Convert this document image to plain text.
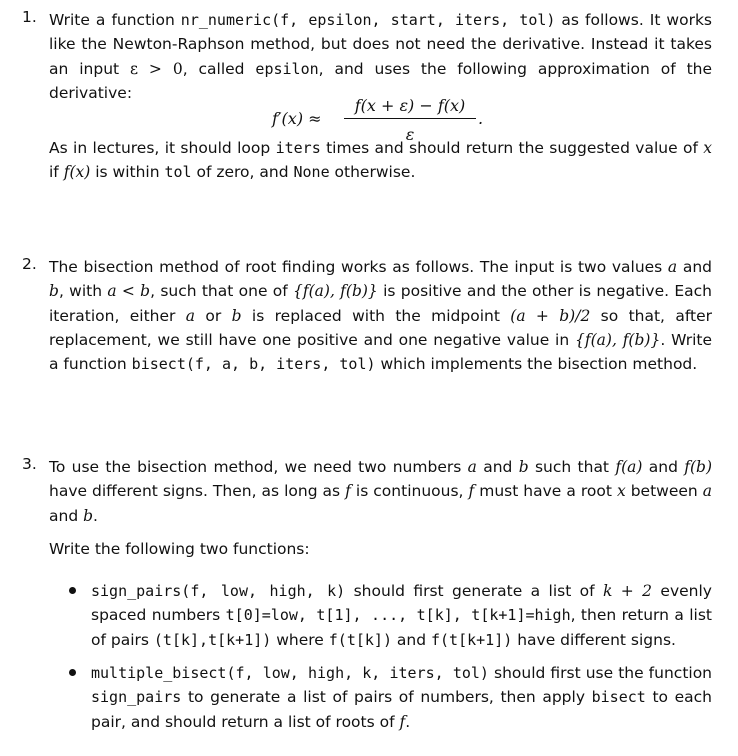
1. Write a function nr_numeric(f, epsilon, start, iters, tol) as follows. It works like the Newton-Raphson method, but does not need the derivative. Instead it takes an input ε > 0, called epsilon, and uses the following approximation of the derivative:

As in lectures, it should loop iters times and should return the suggested value of x if f(x) is within tol of zero, and None otherwise.

$f'(x) \approx \frac{f(x + \varepsilon) - f(x)}{\varepsilon}$ .
2. The bisection method of root finding works as follows. The input is two values a and b, with a < b, such that one of {f(a), f(b)} is positive and the other is negative. Each iteration, either a or b is replaced with the midpoint (a + b)/2 so that, after replacement, we still have one positive and one negative value in {f(a), f(b)}. Write a function bisect(f, a, b, iters, tol) which implements the bisection method.

3. To use the bisection method, we need two numbers a and b such that f(a) and f(b) have different signs. Then, as long as f is continuous, f must have a root x between a and b.

Write the following two functions:

sign_pairs(f, low, high, k) should first generate a list of k + 2 evenly spaced numbers t[0]=low, t[1], ..., t[k], t[k+1]=high, then return a list of pairs (t[k],t[k+1]) where f(t[k]) and f(t[k+1]) have different signs.
multiple_bisect(f, low, high, k, iters, tol) should first use the function sign_pairs to generate a list of pairs of numbers, then apply bisect to each pair, and should return a list of roots of f.
